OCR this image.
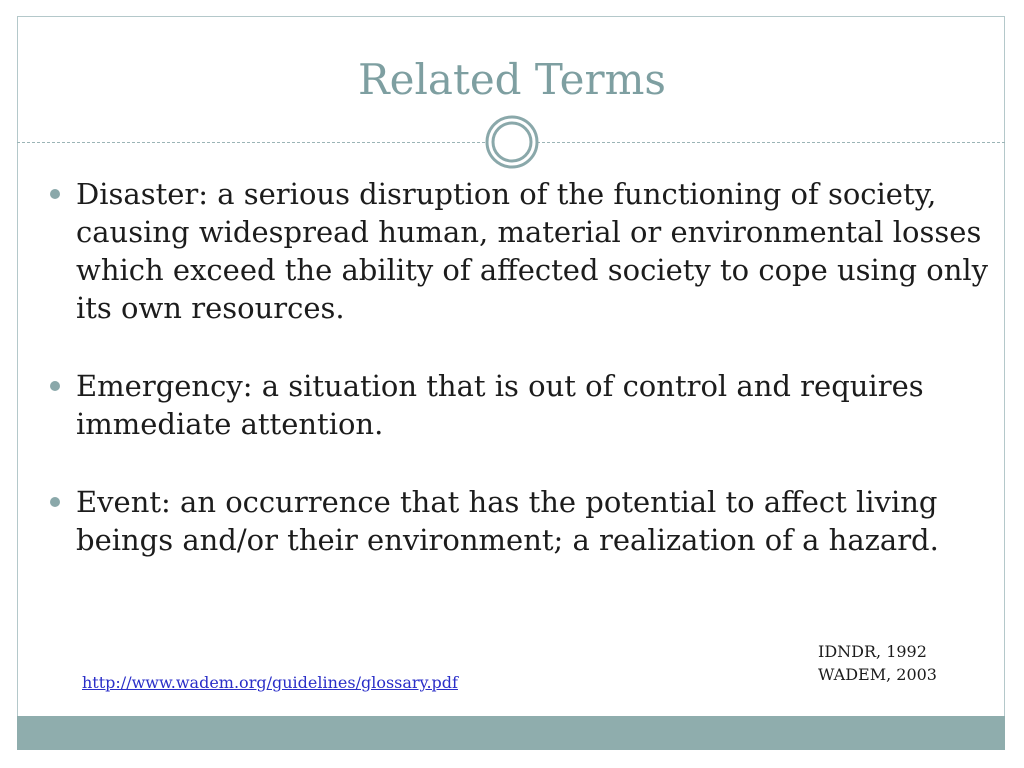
Related Terms
Disaster: a serious disruption of the functioning of society, causing widespread human, material or environmental losses which exceed the ability of affected society to cope using only its own resources.
Emergency: a situation that is out of control and requires immediate attention.
Event: an occurrence that has the potential to affect living beings and/or their environment; a realization of a hazard.
IDNDR, 1992
WADEM, 2003
http://www.wadem.org/guidelines/glossary.pdf
